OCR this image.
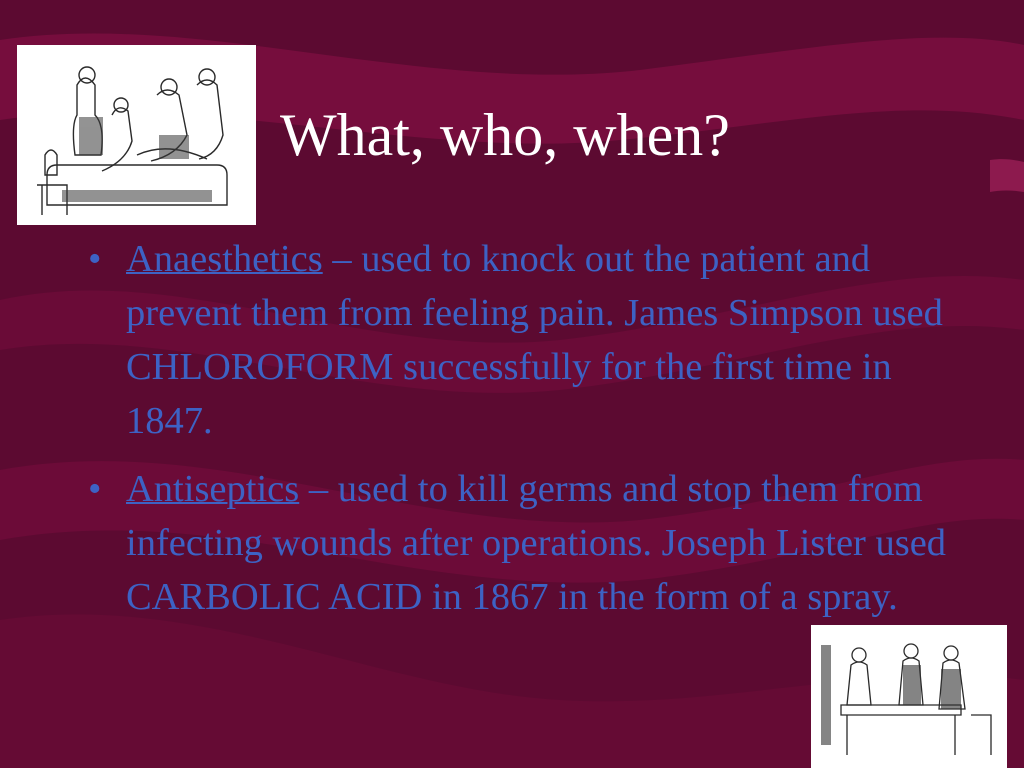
What, who, when?
• Anaesthetics – used to knock out the patient and prevent them from feeling pain. James Simpson used CHLOROFORM successfully for the first time in 1847.
• Antiseptics – used to kill germs and stop them from infecting wounds after operations. Joseph Lister used CARBOLIC ACID in 1867 in the form of a spray.
